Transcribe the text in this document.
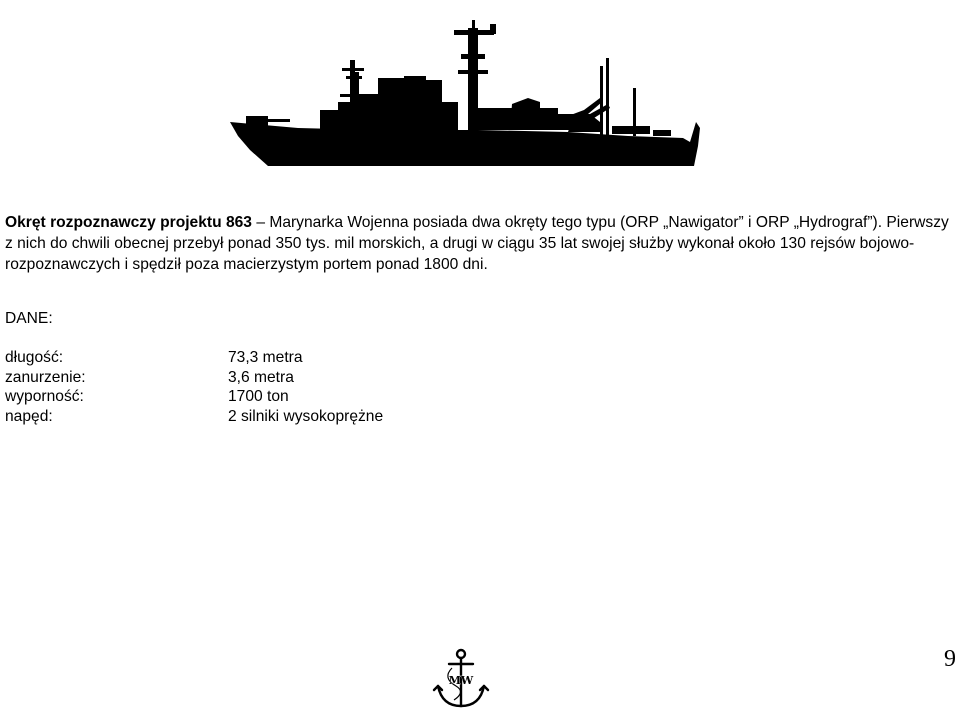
Okręt rozpoznawczy projektu 863 – Marynarka Wojenna posiada dwa okręty tego typu (ORP „Nawigator” i ORP „Hydrograf”). Pierwszy z nich do chwili obecnej przebył ponad 350 tys. mil morskich, a drugi w ciągu 35 lat swojej służby wykonał około 130 rejsów bojowo-rozpoznawczych i spędził poza macierzystym portem ponad 1800 dni.

DANE:

długość:	73,3 metra
zanurzenie:	3,6 metra
wyporność:	1700 ton
napęd:	2 silniki wysokoprężne
MW

9
